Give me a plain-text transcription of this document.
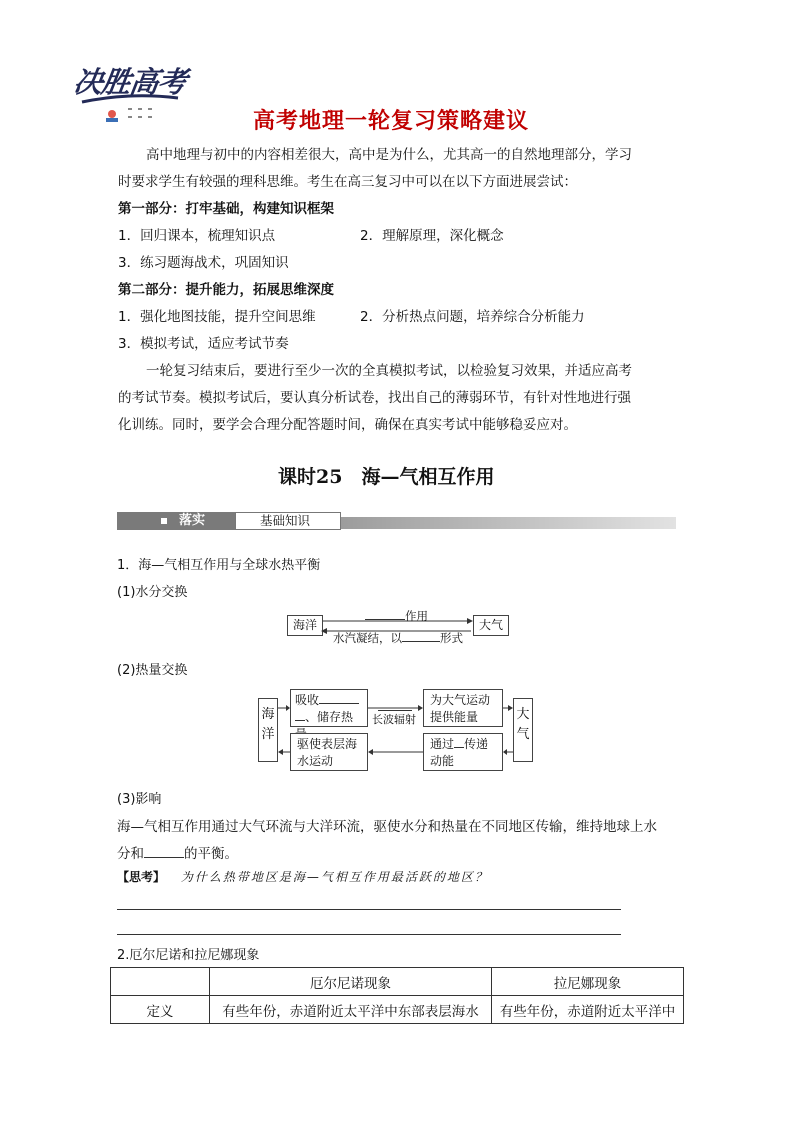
决胜高考
高考地理一轮复习策略建议
高中地理与初中的内容相差很大，高中是为什么，尤其高一的自然地理部分，学习
时要求学生有较强的理科思维。考生在高三复习中可以在以下方面进展尝试：
第一部分：打牢基础，构建知识框架
1．回归课本，梳理知识点	2．理解原理，深化概念
3．练习题海战术，巩固知识
第二部分：提升能力，拓展思维深度
1．强化地图技能，提升空间思维	2．分析热点问题，培养综合分析能力
3．模拟考试，适应考试节奏
一轮复习结束后，要进行至少一次的全真模拟考试，以检验复习效果，并适应高考
的考试节奏。模拟考试后，要认真分析试卷，找出自己的薄弱环节，有针对性地进行强
化训练。同时，要学会合理分配答题时间，确保在真实考试中能够稳妥应对。
课时25　海—气相互作用
落实	基础知识
1．海—气相互作用与全球水热平衡
(1)水分交换
海洋	大气
作用
水汽凝结，以	形式
(2)热量交换
海洋
大气
吸收
、储存热
为大气运动
提供能量
驱使表层海
水运动
通过 传递
动能
长波辐射
(3)影响
海—气相互作用通过大气环流与大洋环流，驱使水分和热量在不同地区传输，维持地球上水
分和	的平衡。
【思考】 为什么热带地区是海—气相互作用最活跃的地区？
2.厄尔尼诺和拉尼娜现象
	厄尔尼诺现象	拉尼娜现象
定义	有些年份，赤道附近太平洋中东部表层海水	有些年份，赤道附近太平洋中
